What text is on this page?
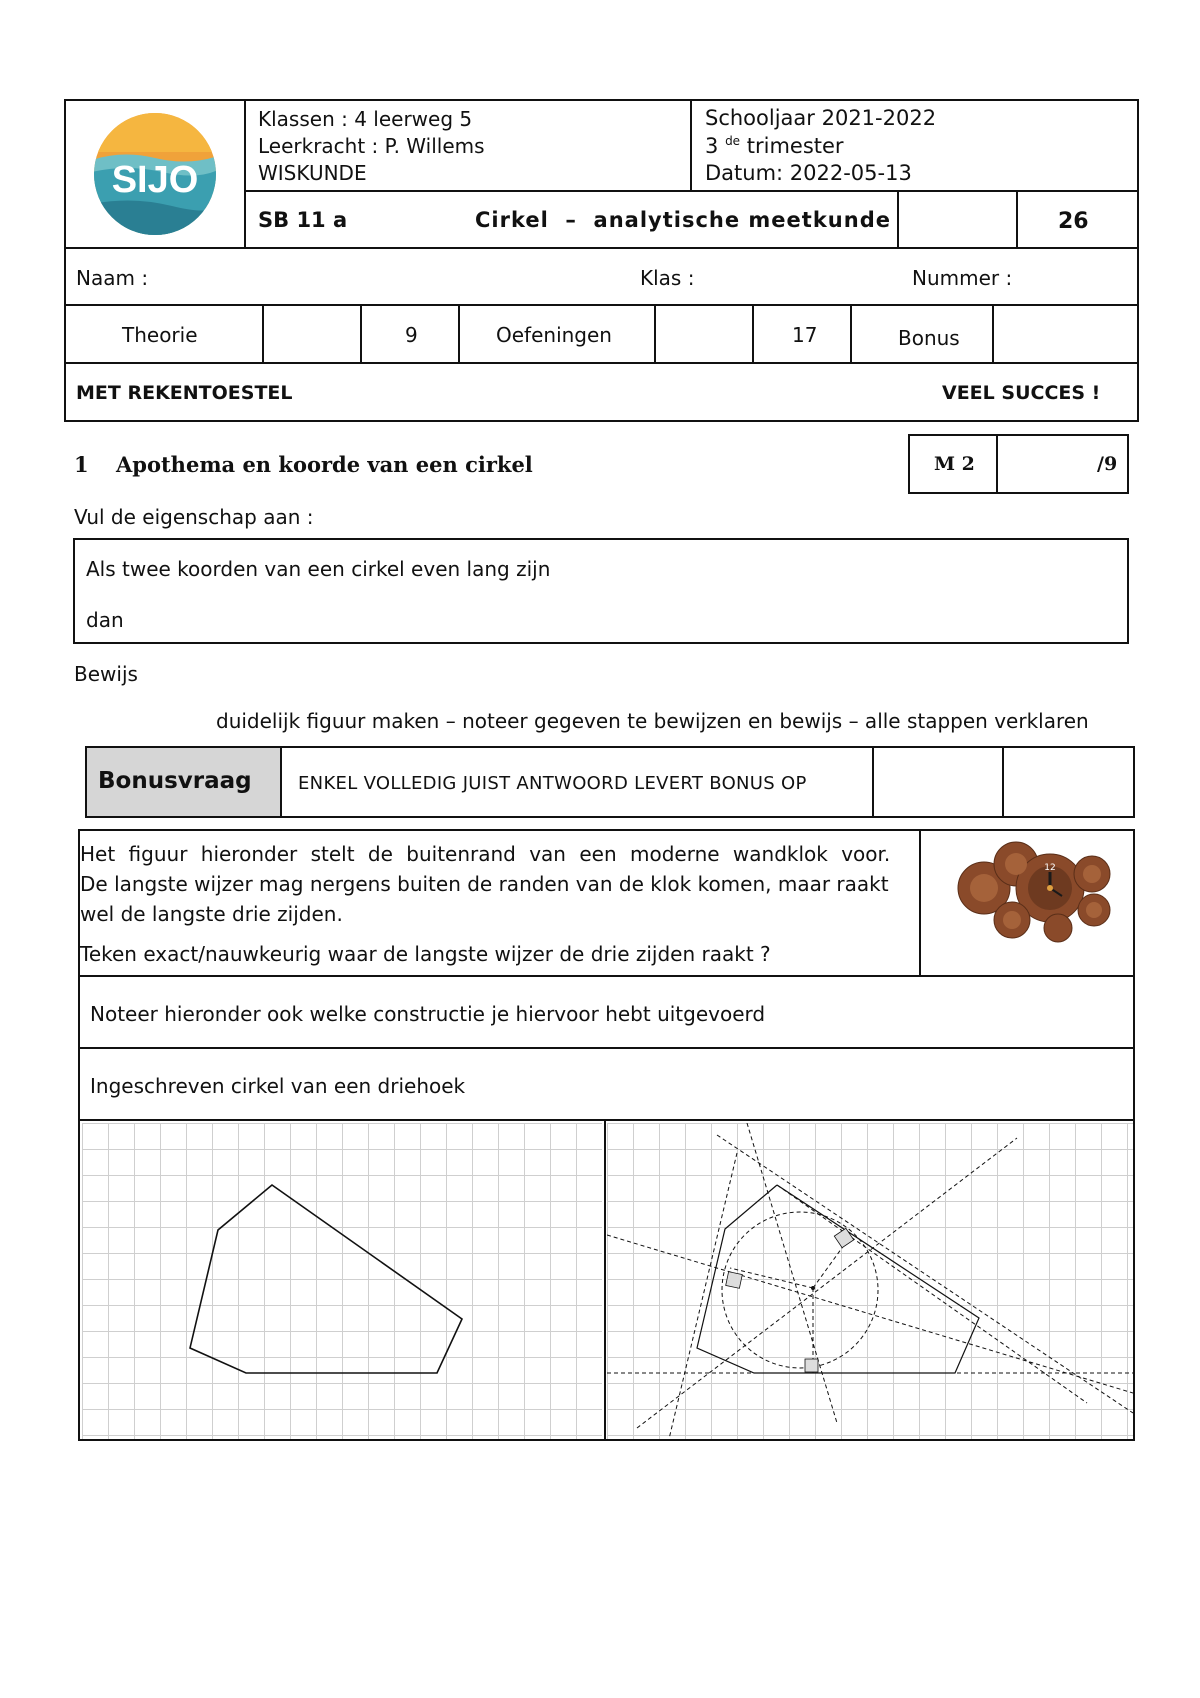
SIJO
Klassen : 4 leerweg 5
Leerkracht : P. Willems
WISKUNDE
Schooljaar 2021-2022
3 $^{de}$ trimester
Datum: 2022-05-13
SB 11 a	Cirkel  –  analytische meetkunde	26
Naam :	Klas :	Nummer :
Theorie	9	Oefeningen	17	Bonus
MET REKENTOESTEL	VEEL SUCCES !
1 Apothema en koorde van een cirkel	M 2	/9
Vul de eigenschap aan :
Als twee koorden van een cirkel even lang zijn
dan
Bewijs
duidelijk figuur maken – noteer gegeven te bewijzen en bewijs – alle stappen verklaren
Bonusvraag	ENKEL VOLLEDIG JUIST ANTWOORD LEVERT BONUS OP
Het figuur hieronder stelt de buitenrand van een moderne wandklok voor.
De langste wijzer mag nergens buiten de randen van de klok komen, maar raakt
wel de langste drie zijden.
Teken exact/nauwkeurig waar de langste wijzer de drie zijden raakt ?
12
Noteer hieronder ook welke constructie je hiervoor hebt uitgevoerd
Ingeschreven cirkel van een driehoek
